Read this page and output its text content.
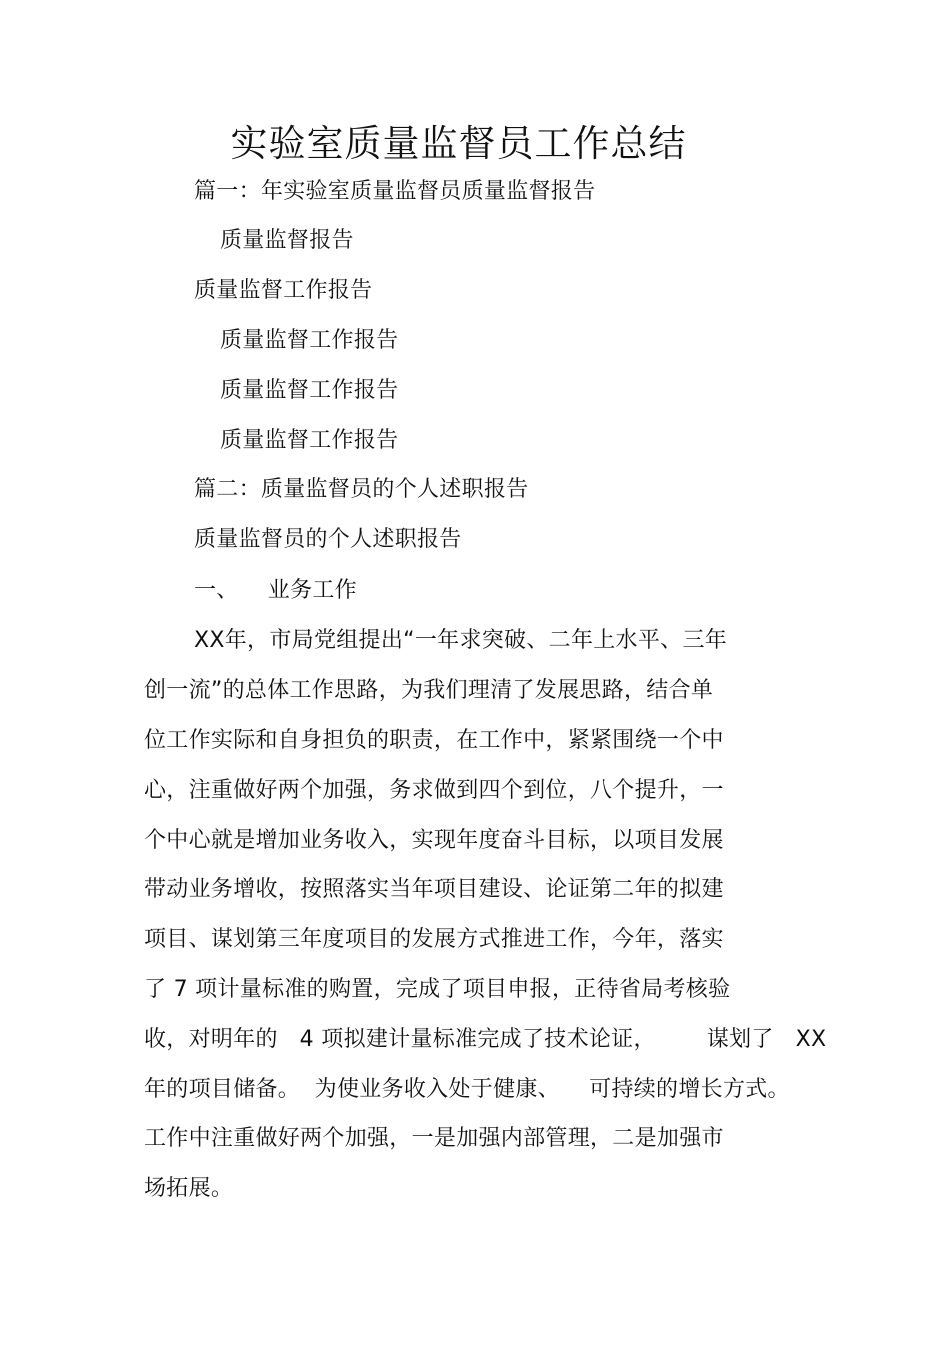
实验室质量监督员工作总结
篇一：年实验室质量监督员质量监督报告
质量监督报告
质量监督工作报告
质量监督工作报告
质量监督工作报告
质量监督工作报告
篇二：质量监督员的个人述职报告
质量监督员的个人述职报告
一、    业务工作
XX年，市局党组提出“一年求突破、二年上水平、三年
创一流”的总体工作思路，为我们理清了发展思路，结合单
位工作实际和自身担负的职责，在工作中，紧紧围绕一个中
心，注重做好两个加强，务求做到四个到位，八个提升，一
个中心就是增加业务收入，实现年度奋斗目标，以项目发展
带动业务增收，按照落实当年项目建设、论证第二年的拟建
项目、谋划第三年度项目的发展方式推进工作，今年，落实
了 7 项计量标准的购置，完成了项目申报，正待省局考核验
收，对明年的   4 项拟建计量标准完成了技术论证，       谋划了   XX
年的项目储备。  为使业务收入处于健康、    可持续的增长方式。
工作中注重做好两个加强，一是加强内部管理，二是加强市
场拓展。
